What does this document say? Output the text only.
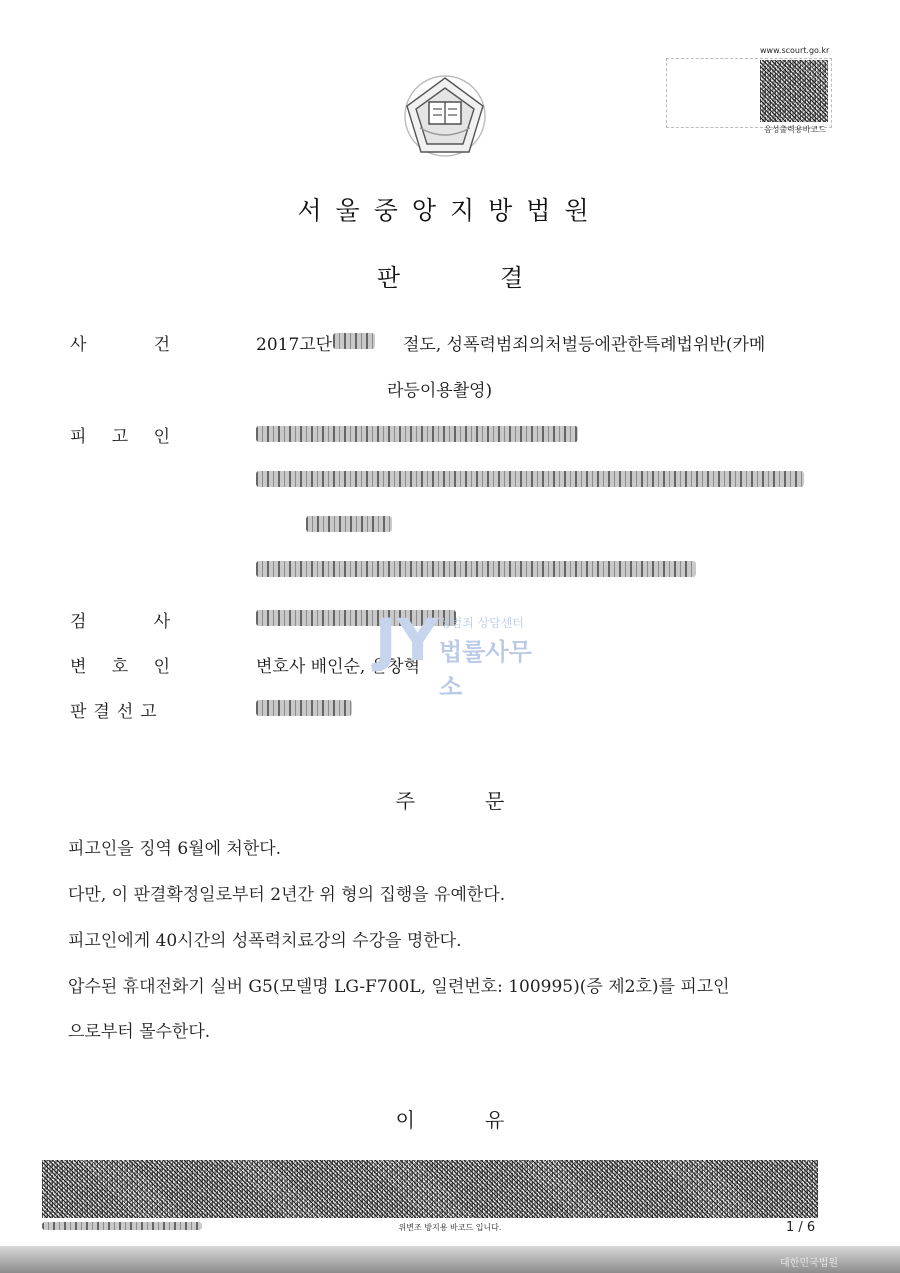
www.scourt.go.kr
음성출력용바코드
서울중앙지방법원
판	결
사	건	2017고단	절도, 성폭력범죄의처벌등에관한특례법위반(카메
라등이용촬영)
피 고 인
검	사
변 호 인	변호사 배인순, 윤창혁
판결선고
JY 성범죄 상담센터
법률사무소
주	문
피고인을 징역 6월에 처한다.
다만, 이 판결확정일로부터 2년간 위 형의 집행을 유예한다.
피고인에게 40시간의 성폭력치료강의 수강을 명한다.
압수된 휴대전화기 실버 G5(모델명 LG-F700L, 일련번호: 100995)(증 제2호)를 피고인
으로부터 몰수한다.
이	유
위변조 방지용 바코드 입니다.	1 / 6
대한민국법원
